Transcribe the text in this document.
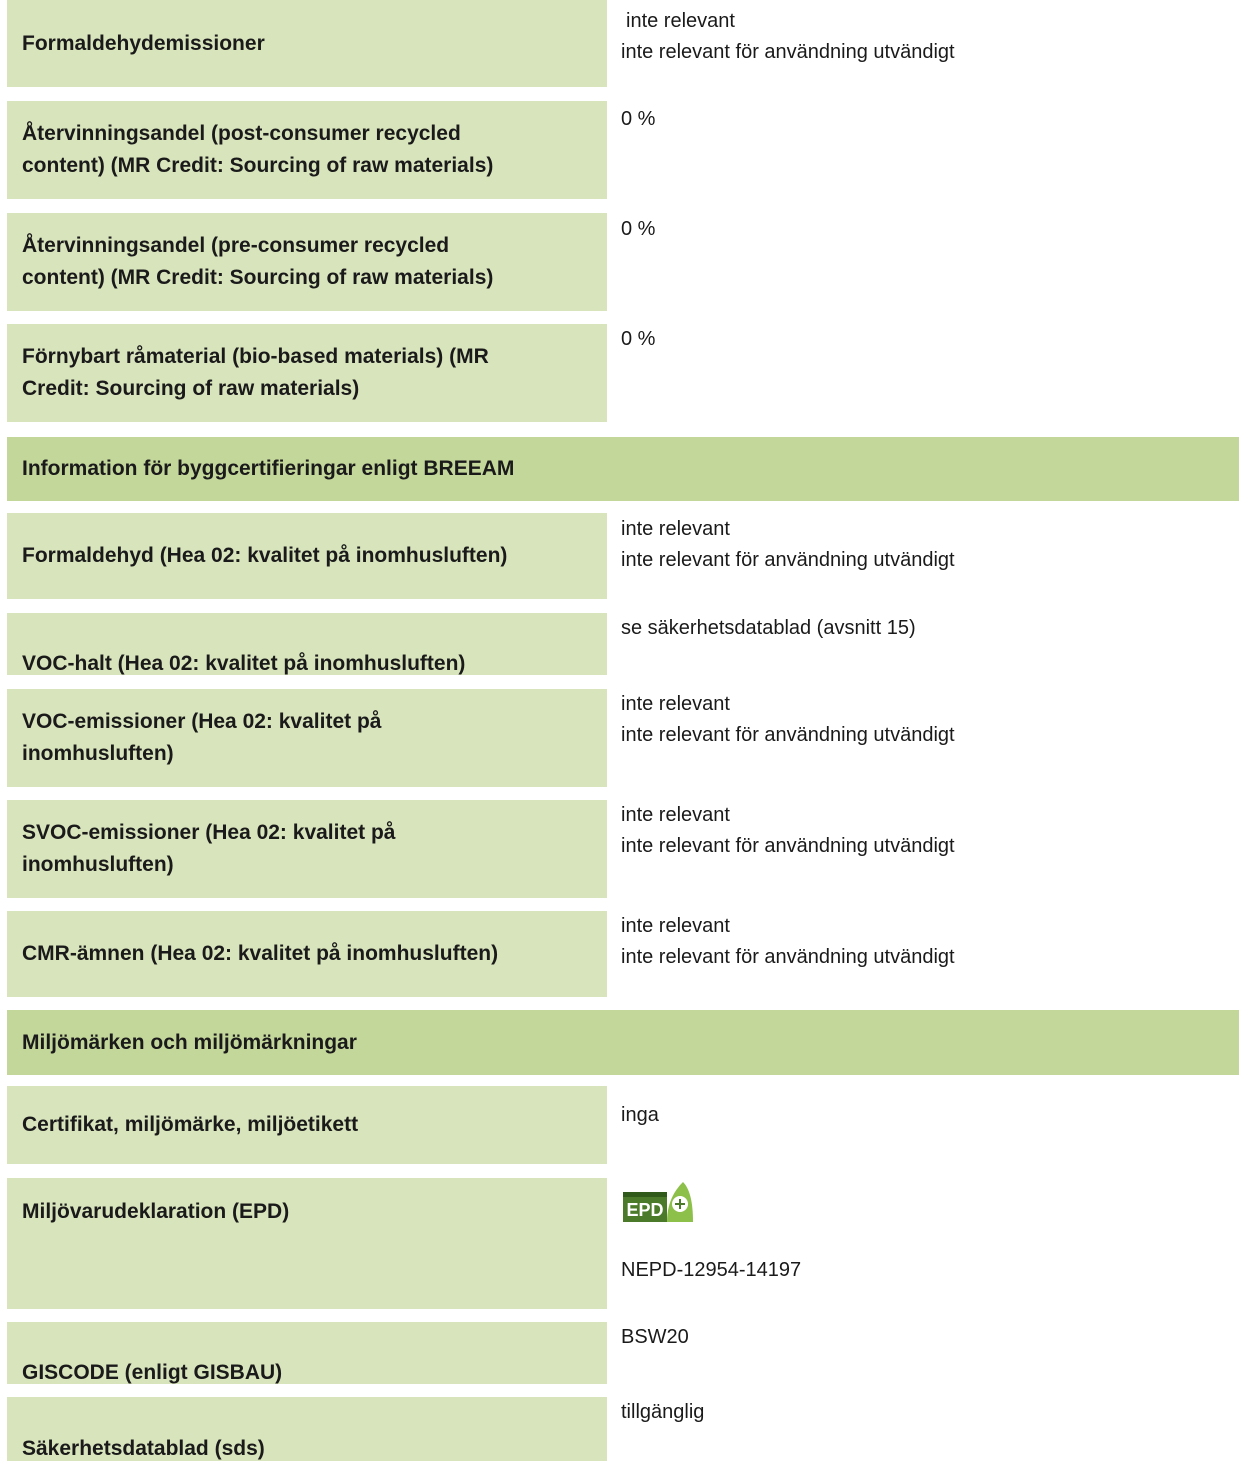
Formaldehydemissioner
inte relevant
inte relevant för användning utvändigt
Återvinningsandel (post-consumer recycled
content) (MR Credit: Sourcing of raw materials)
0 %
Återvinningsandel (pre-consumer recycled
content) (MR Credit: Sourcing of raw materials)
0 %
Förnybart råmaterial (bio-based materials) (MR
Credit: Sourcing of raw materials)
0 %
Information för byggcertifieringar enligt BREEAM
Formaldehyd (Hea 02: kvalitet på inomhusluften)
inte relevant
inte relevant för användning utvändigt
VOC-halt (Hea 02: kvalitet på inomhusluften)
se säkerhetsdatablad (avsnitt 15)
VOC-emissioner (Hea 02: kvalitet på
inomhusluften)
inte relevant
inte relevant för användning utvändigt
SVOC-emissioner (Hea 02: kvalitet på
inomhusluften)
inte relevant
inte relevant för användning utvändigt
CMR-ämnen (Hea 02: kvalitet på inomhusluften)
inte relevant
inte relevant för användning utvändigt
Miljömärken och miljömärkningar
Certifikat, miljömärke, miljöetikett	inga
Miljövarudeklaration (EPD)	EPD
NEPD-12954-14197
GISCODE (enligt GISBAU)
BSW20
Säkerhetsdatablad (sds)
tillgänglig
